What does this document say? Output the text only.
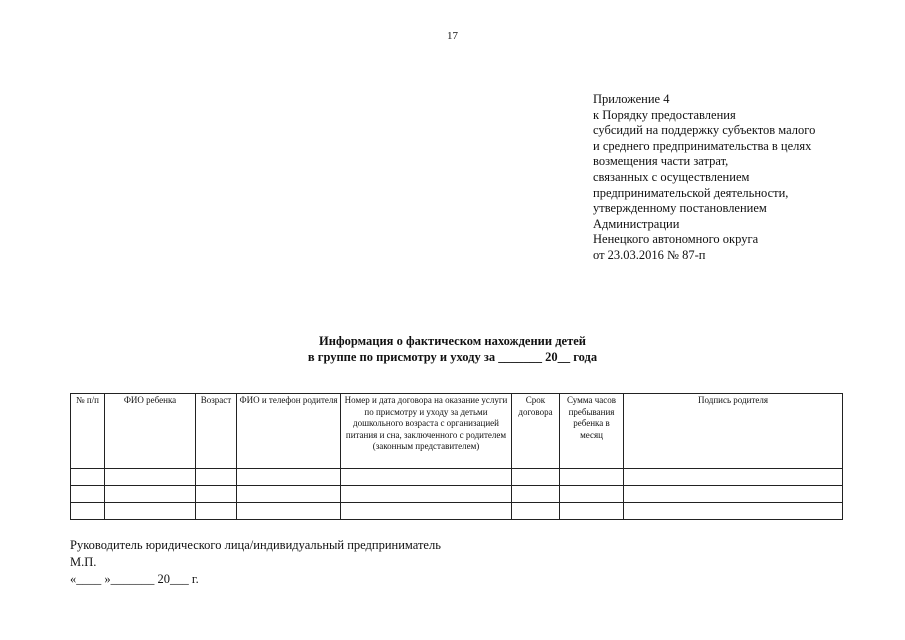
17
Приложение 4
к Порядку предоставления
субсидий на поддержку субъектов малого
и среднего предпринимательства в целях
возмещения части затрат,
связанных с осуществлением
предпринимательской деятельности,
утвержденному постановлением
Администрации
Ненецкого автономного округа
от 23.03.2016 № 87-п
Информация о фактическом нахождении детей
в группе по присмотру и уходу за _______ 20__ года
№ п/п	ФИО ребенка	Возраст	ФИО и телефон родителя	Номер и дата договора на оказание услуги по присмотру и уходу за детьми дошкольного возраста с организацией питания и сна, заключенного с родителем (законным представителем)	Срок договора	Сумма часов пребывания ребенка в месяц	Подпись родителя

Руководитель юридического лица/индивидуальный предприниматель
М.П.
«____ »_______ 20___ г.
